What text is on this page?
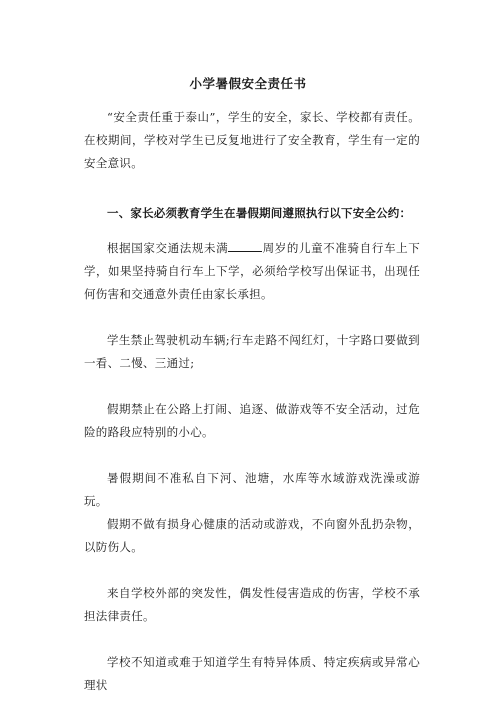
小学暑假安全责任书

“安全责任重于泰山”，学生的安全，家长、学校都有责任。在校期间，学校对学生已反复地进行了安全教育，学生有一定的安全意识。

一、家长必须教育学生在暑假期间遵照执行以下安全公约：

根据国家交通法规未满	周岁的儿童不准骑自行车上下学，如果坚持骑自行车上下学，必须给学校写出保证书，出现任何伤害和交通意外责任由家长承担。

学生禁止驾驶机动车辆;行车走路不闯红灯，十字路口要做到一看、二慢、三通过;

假期禁止在公路上打闹、追逐、做游戏等不安全活动，过危险的路段应特别的小心。

暑假期间不准私自下河、池塘，水库等水域游戏洗澡或游玩。

假期不做有损身心健康的活动或游戏，不向窗外乱扔杂物，以防伤人。

来自学校外部的突发性，偶发性侵害造成的伤害，学校不承担法律责任。

学校不知道或难于知道学生有特异体质、特定疾病或异常心理状
